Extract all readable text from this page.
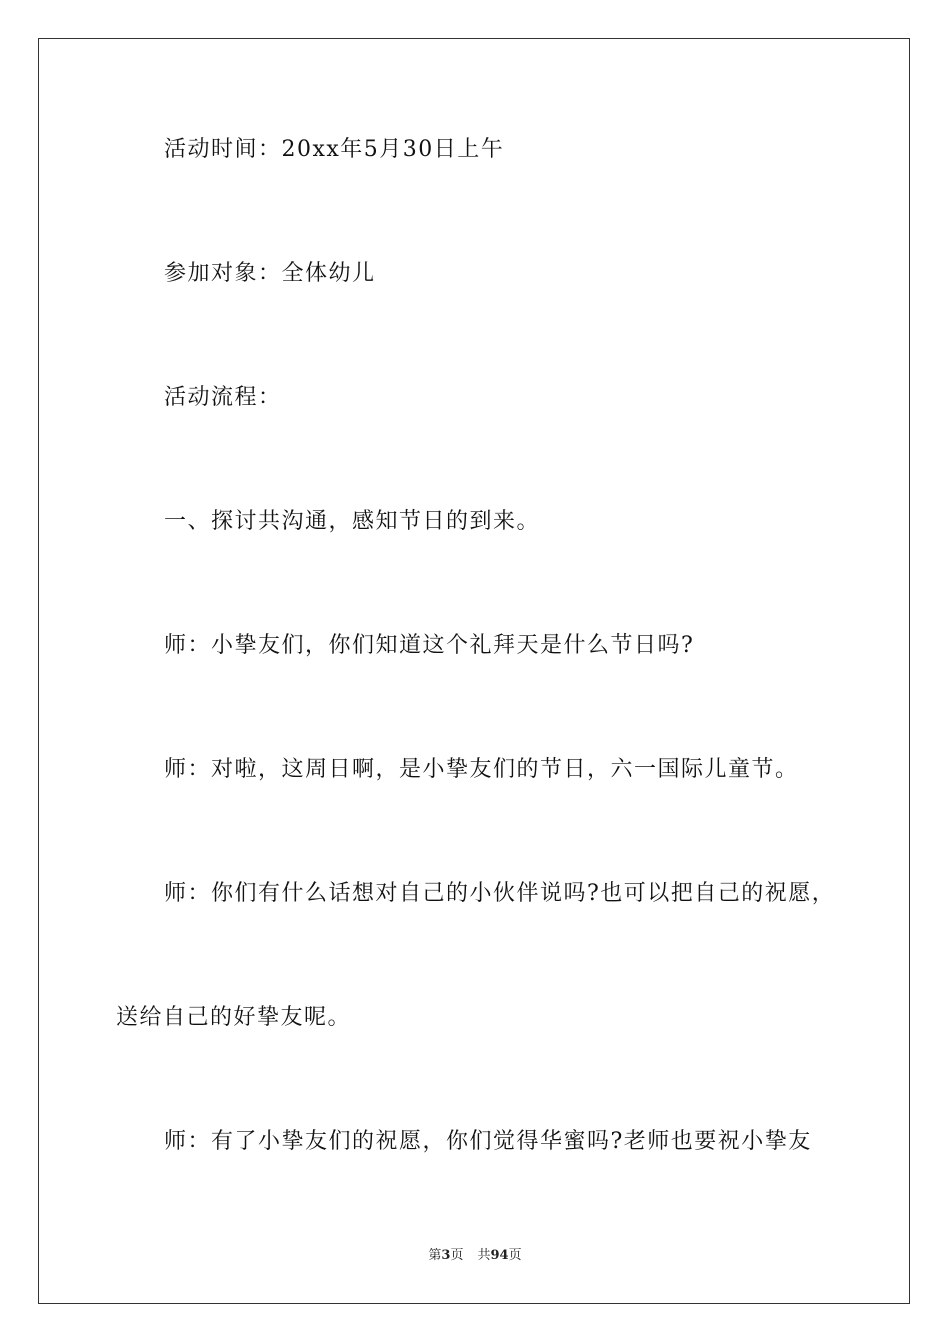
活动时间：20xx年5月30日上午
参加对象：全体幼儿
活动流程：
一、探讨共沟通，感知节日的到来。
师：小挚友们，你们知道这个礼拜天是什么节日吗?
师：对啦，这周日啊，是小挚友们的节日，六一国际儿童节。
师：你们有什么话想对自己的小伙伴说吗?也可以把自己的祝愿，
送给自己的好挚友呢。
师：有了小挚友们的祝愿，你们觉得华蜜吗?老师也要祝小挚友
第3页 共94页
